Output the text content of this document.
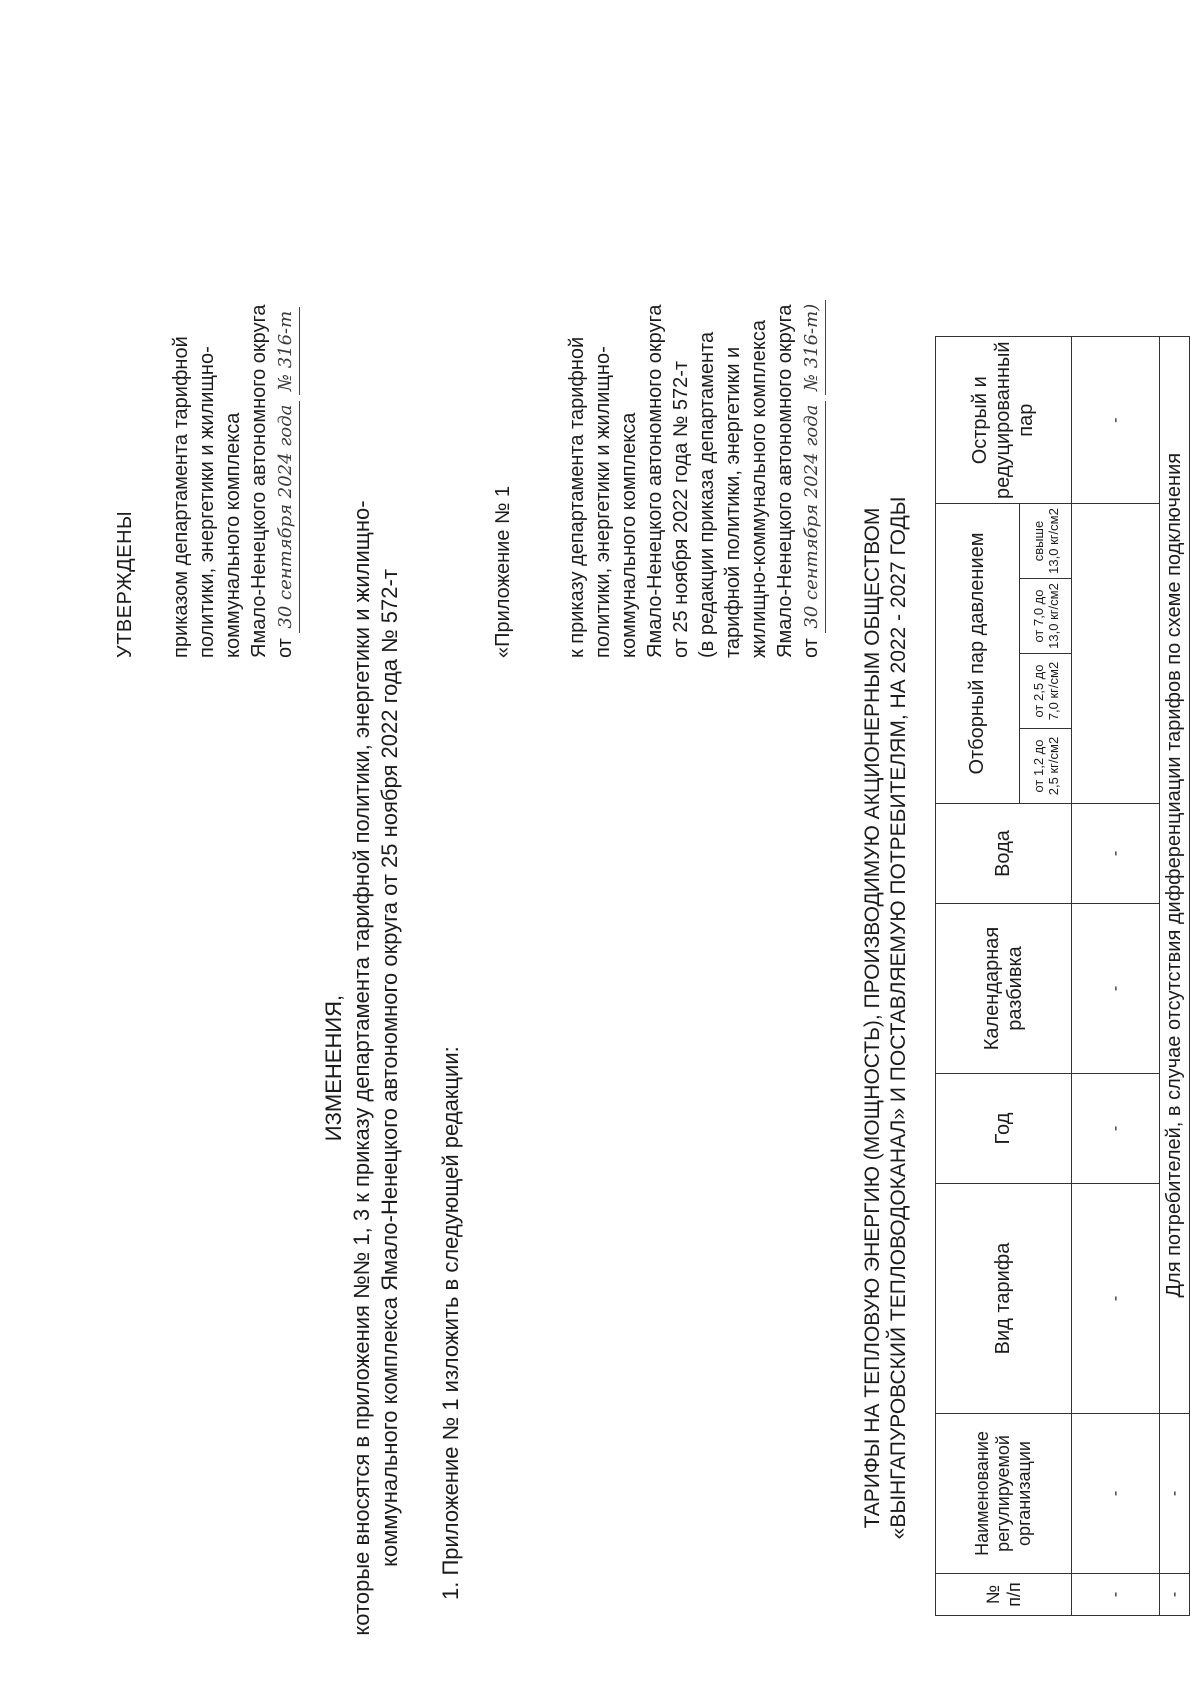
УТВЕРЖДЕНЫ приказом департамента тарифной политики, энергетики и жилищно- коммунального комплекса Ямало-Ненецкого автономного округа от 30 сентября 2024 года № 316-т
ИЗМЕНЕНИЯ, которые вносятся в приложения №№ 1, 3 к приказу департамента тарифной политики, энергетики и жилищно- коммунального комплекса Ямало-Ненецкого автономного округа от 25 ноября 2022 года № 572-т 1. Приложение № 1 изложить в следующей редакции:
«Приложение № 1	к приказу департамента тарифной политики, энергетики и жилищно- коммунального комплекса Ямало-Ненецкого автономного округа от 25 ноября 2022 года № 572-т (в редакции приказа департамента тарифной политики, энергетики и жилищно-коммунального комплекса Ямало-Ненецкого автономного округа от 30 сентября 2024 года № 316-т)
ТАРИФЫ НА ТЕПЛОВУЮ ЭНЕРГИЮ (МОЩНОСТЬ), ПРОИЗВОДИМУЮ АКЦИОНЕРНЫМ ОБЩЕСТВОМ «ВЫНГАПУРОВСКИЙ ТЕПЛОВОДОКАНАЛ» И ПОСТАВЛЯЕМУЮ ПОТРЕБИТЕЛЯМ, НА 2022 - 2027 ГОДЫ
№ п/п	Наименование регулируемой организации	Вид тарифа	Год	Календарная разбивка	Вода	Отборный пар давлением				Острый и редуцированный пар
						от 1,2 до 2,5 кг/см2	от 2,5 до 7,0 кг/см2	от 7,0 до 13,0 кг/см2	свыше 13,0 кг/см2	
-	-	-	-	-	-					-
-	-	Для потребителей, в случае отсутствия дифференциации тарифов по схеме подключения								
